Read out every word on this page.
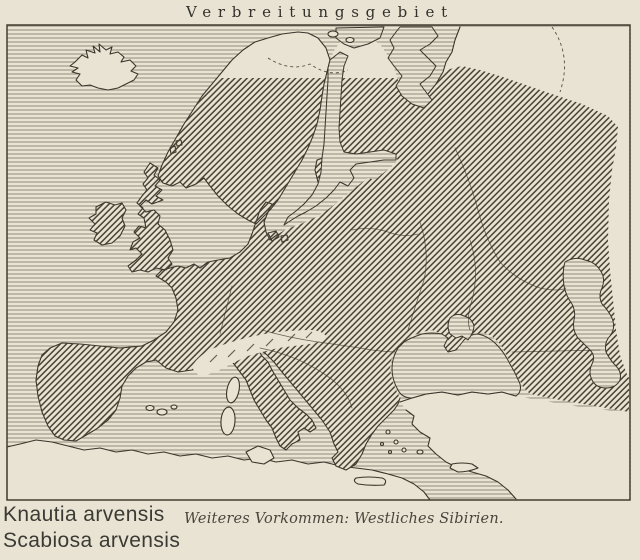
Verbreitungsgebiet
Knautia arvensis
Scabiosa arvensis
Weiteres Vorkommen: Westliches Sibirien.
